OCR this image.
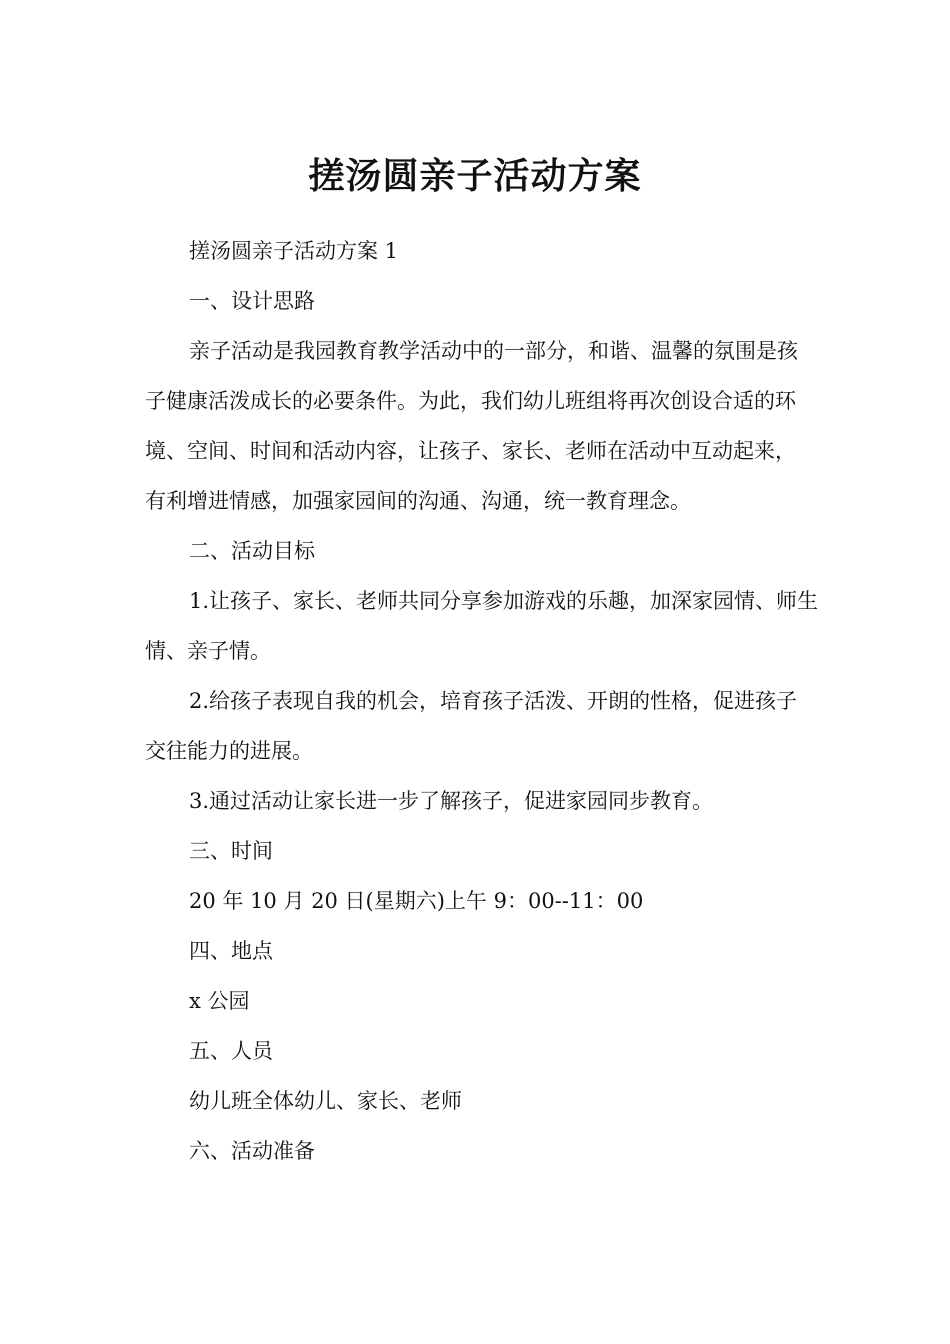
搓汤圆亲子活动方案

搓汤圆亲子活动方案 1

一、设计思路

亲子活动是我园教育教学活动中的一部分，和谐、温馨的氛围是孩子健康活泼成长的必要条件。为此，我们幼儿班组将再次创设合适的环境、空间、时间和活动内容，让孩子、家长、老师在活动中互动起来，有利增进情感，加强家园间的沟通、沟通，统一教育理念。

二、活动目标

1.让孩子、家长、老师共同分享参加游戏的乐趣，加深家园情、师生情、亲子情。

2.给孩子表现自我的机会，培育孩子活泼、开朗的性格，促进孩子交往能力的进展。

3.通过活动让家长进一步了解孩子，促进家园同步教育。

三、时间

20 年 10 月 20 日(星期六)上午 9：00--11：00

四、地点

x 公园

五、人员

幼儿班全体幼儿、家长、老师

六、活动准备
